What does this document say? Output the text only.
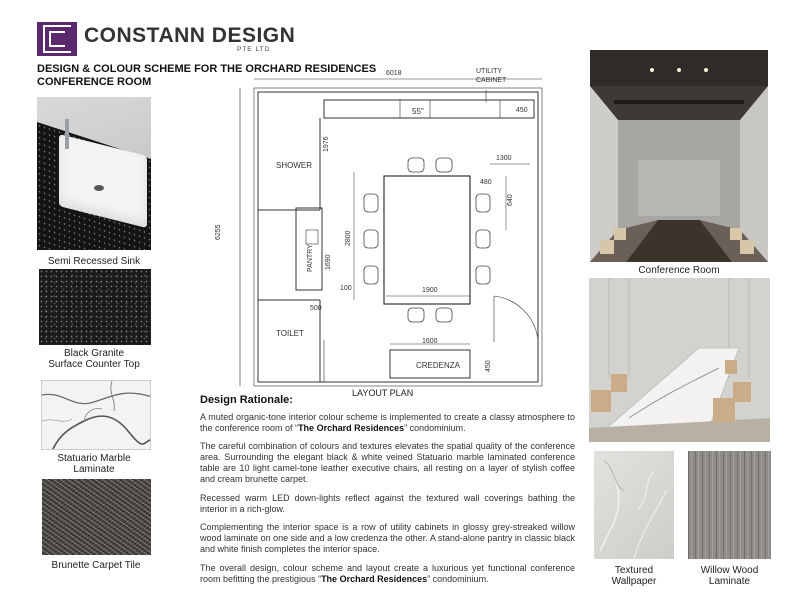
CONSTANN DESIGN
PTE LTD
DESIGN & COLOUR SCHEME FOR THE ORCHARD RESIDENCES
CONFERENCE ROOM
Semi Recessed Sink
Black Granite
Surface Counter Top
Statuario Marble
Laminate
Brunette Carpet Tile
6018
6255
55"	450
1976
1300
480
640
2800
1690
100
500
1900
1600
450
SHOWER
TOILET
PANTRY
CREDENZA
UTILITY
CABINET
LAYOUT PLAN
Design Rationale:
A muted organic-tone interior colour scheme is implemented to create a classy atmosphere to the conference room of “The Orchard Residences” condominium.
The careful combination of colours and textures elevates the spatial quality of the conference area. Surrounding the elegant black & white veined Statuario marble laminated conference table are 10 light camel-tone leather executive chairs, all resting on a layer of stylish coffee and cream brunette carpet.
Recessed warm LED down-lights reflect against the textured wall coverings bathing the interior in a rich-glow.
Complementing the interior space is a row of utility cabinets in glossy grey-streaked willow wood laminate on one side and a low credenza the other. A stand-alone pantry in classic black and white finish completes the interior space.
The overall design, colour scheme and layout create a luxurious yet functional conference room befitting the prestigious “The Orchard Residences” condominium.
Conference Room
Textured
Wallpaper
Willow Wood
Laminate
